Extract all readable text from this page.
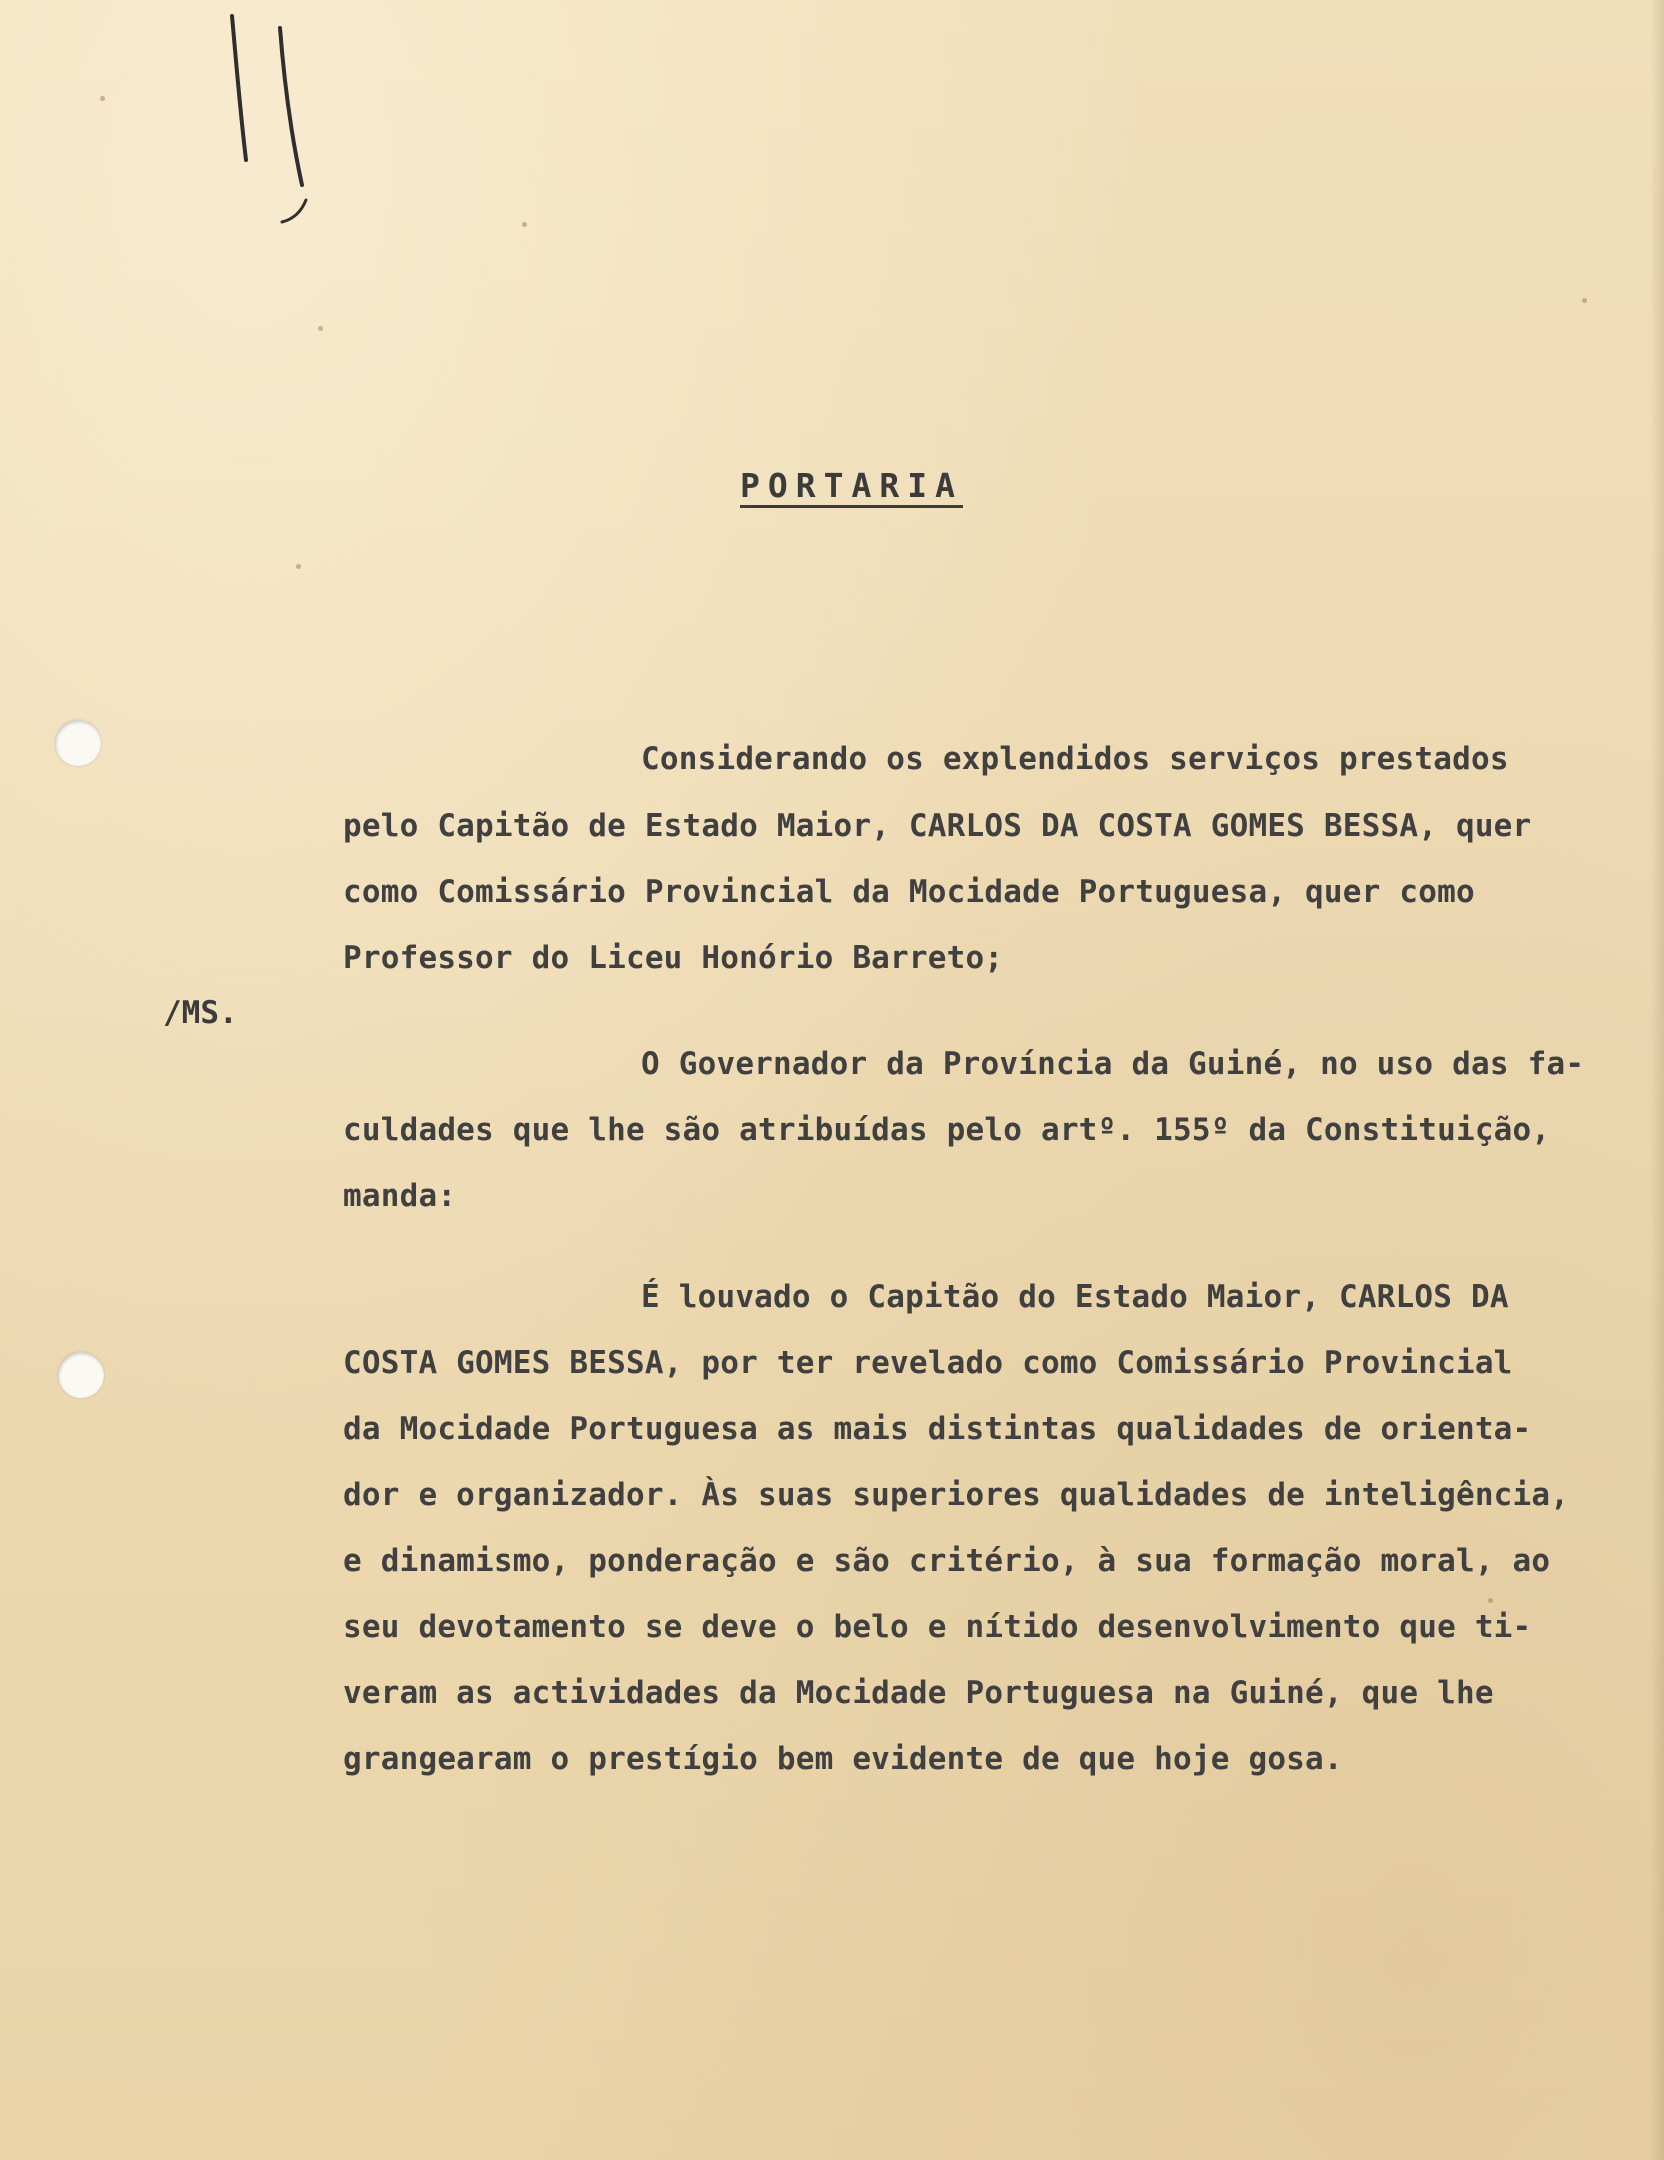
PORTARIA
/MS.
Considerando os explendidos serviços prestados
pelo Capitão de Estado Maior, CARLOS DA COSTA GOMES BESSA, quer
como Comissário Provincial da Mocidade Portuguesa, quer como
Professor do Liceu Honório Barreto;
O Governador da Província da Guiné, no uso das fa-
culdades que lhe são atribuídas pelo artº. 155º da Constituição,
manda:
É louvado o Capitão do Estado Maior, CARLOS DA
COSTA GOMES BESSA, por ter revelado como Comissário Provincial
da Mocidade Portuguesa as mais distintas qualidades de orienta-
dor e organizador. Às suas superiores qualidades de inteligência,
e dinamismo, ponderação e são critério, à sua formação moral, ao
seu devotamento se deve o belo e nítido desenvolvimento que ti-
veram as actividades da Mocidade Portuguesa na Guiné, que lhe
grangearam o prestígio bem evidente de que hoje gosa.
